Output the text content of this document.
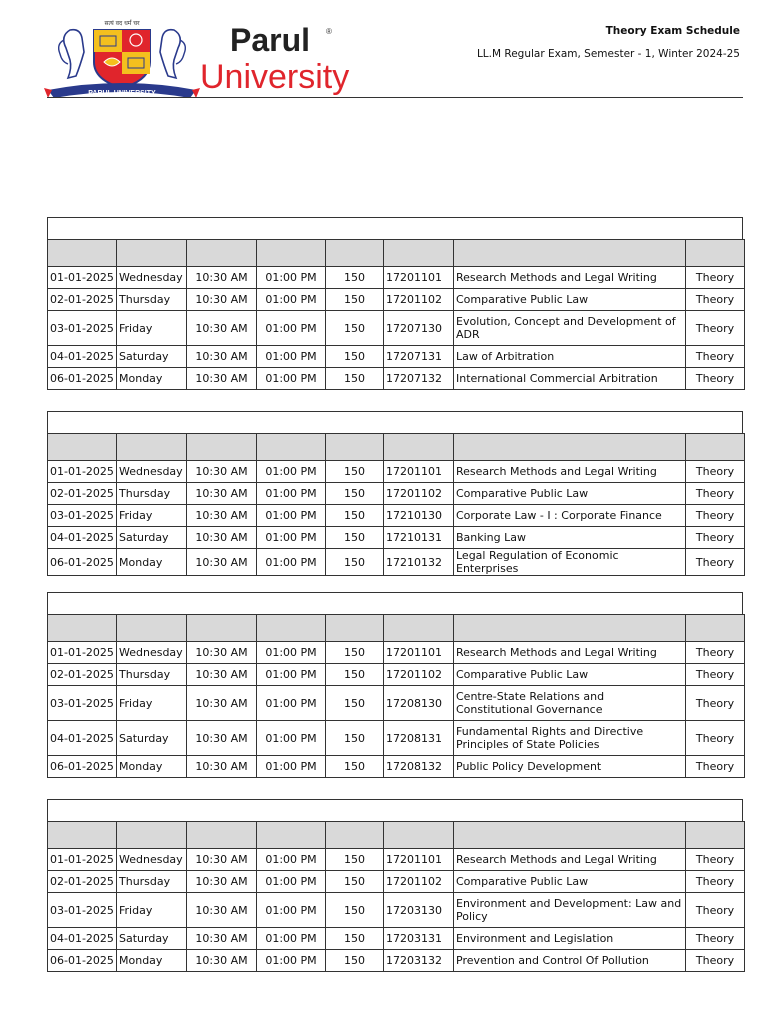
सत्यं वद धर्मं चर
PARUL UNIVERSITY
Parul ®
University
Theory Exam Schedule
LL.M Regular Exam, Semester - 1, Winter 2024-25

01-01-2025	Wednesday	10:30 AM	01:00 PM	150	17201101	Research Methods and Legal Writing	Theory
02-01-2025	Thursday	10:30 AM	01:00 PM	150	17201102	Comparative Public Law	Theory
03-01-2025	Friday	10:30 AM	01:00 PM	150	17207130	Evolution, Concept and Development of ADR	Theory
04-01-2025	Saturday	10:30 AM	01:00 PM	150	17207131	Law of Arbitration	Theory
06-01-2025	Monday	10:30 AM	01:00 PM	150	17207132	International Commercial Arbitration	Theory

01-01-2025	Wednesday	10:30 AM	01:00 PM	150	17201101	Research Methods and Legal Writing	Theory
02-01-2025	Thursday	10:30 AM	01:00 PM	150	17201102	Comparative Public Law	Theory
03-01-2025	Friday	10:30 AM	01:00 PM	150	17210130	Corporate Law - I : Corporate Finance	Theory
04-01-2025	Saturday	10:30 AM	01:00 PM	150	17210131	Banking Law	Theory
06-01-2025	Monday	10:30 AM	01:00 PM	150	17210132	Legal Regulation of Economic Enterprises	Theory

01-01-2025	Wednesday	10:30 AM	01:00 PM	150	17201101	Research Methods and Legal Writing	Theory
02-01-2025	Thursday	10:30 AM	01:00 PM	150	17201102	Comparative Public Law	Theory
03-01-2025	Friday	10:30 AM	01:00 PM	150	17208130	Centre-State Relations and Constitutional Governance	Theory
04-01-2025	Saturday	10:30 AM	01:00 PM	150	17208131	Fundamental Rights and Directive Principles of State Policies	Theory
06-01-2025	Monday	10:30 AM	01:00 PM	150	17208132	Public Policy Development	Theory

01-01-2025	Wednesday	10:30 AM	01:00 PM	150	17201101	Research Methods and Legal Writing	Theory
02-01-2025	Thursday	10:30 AM	01:00 PM	150	17201102	Comparative Public Law	Theory
03-01-2025	Friday	10:30 AM	01:00 PM	150	17203130	Environment and Development: Law and Policy	Theory
04-01-2025	Saturday	10:30 AM	01:00 PM	150	17203131	Environment and Legislation	Theory
06-01-2025	Monday	10:30 AM	01:00 PM	150	17203132	Prevention and Control Of Pollution	Theory
